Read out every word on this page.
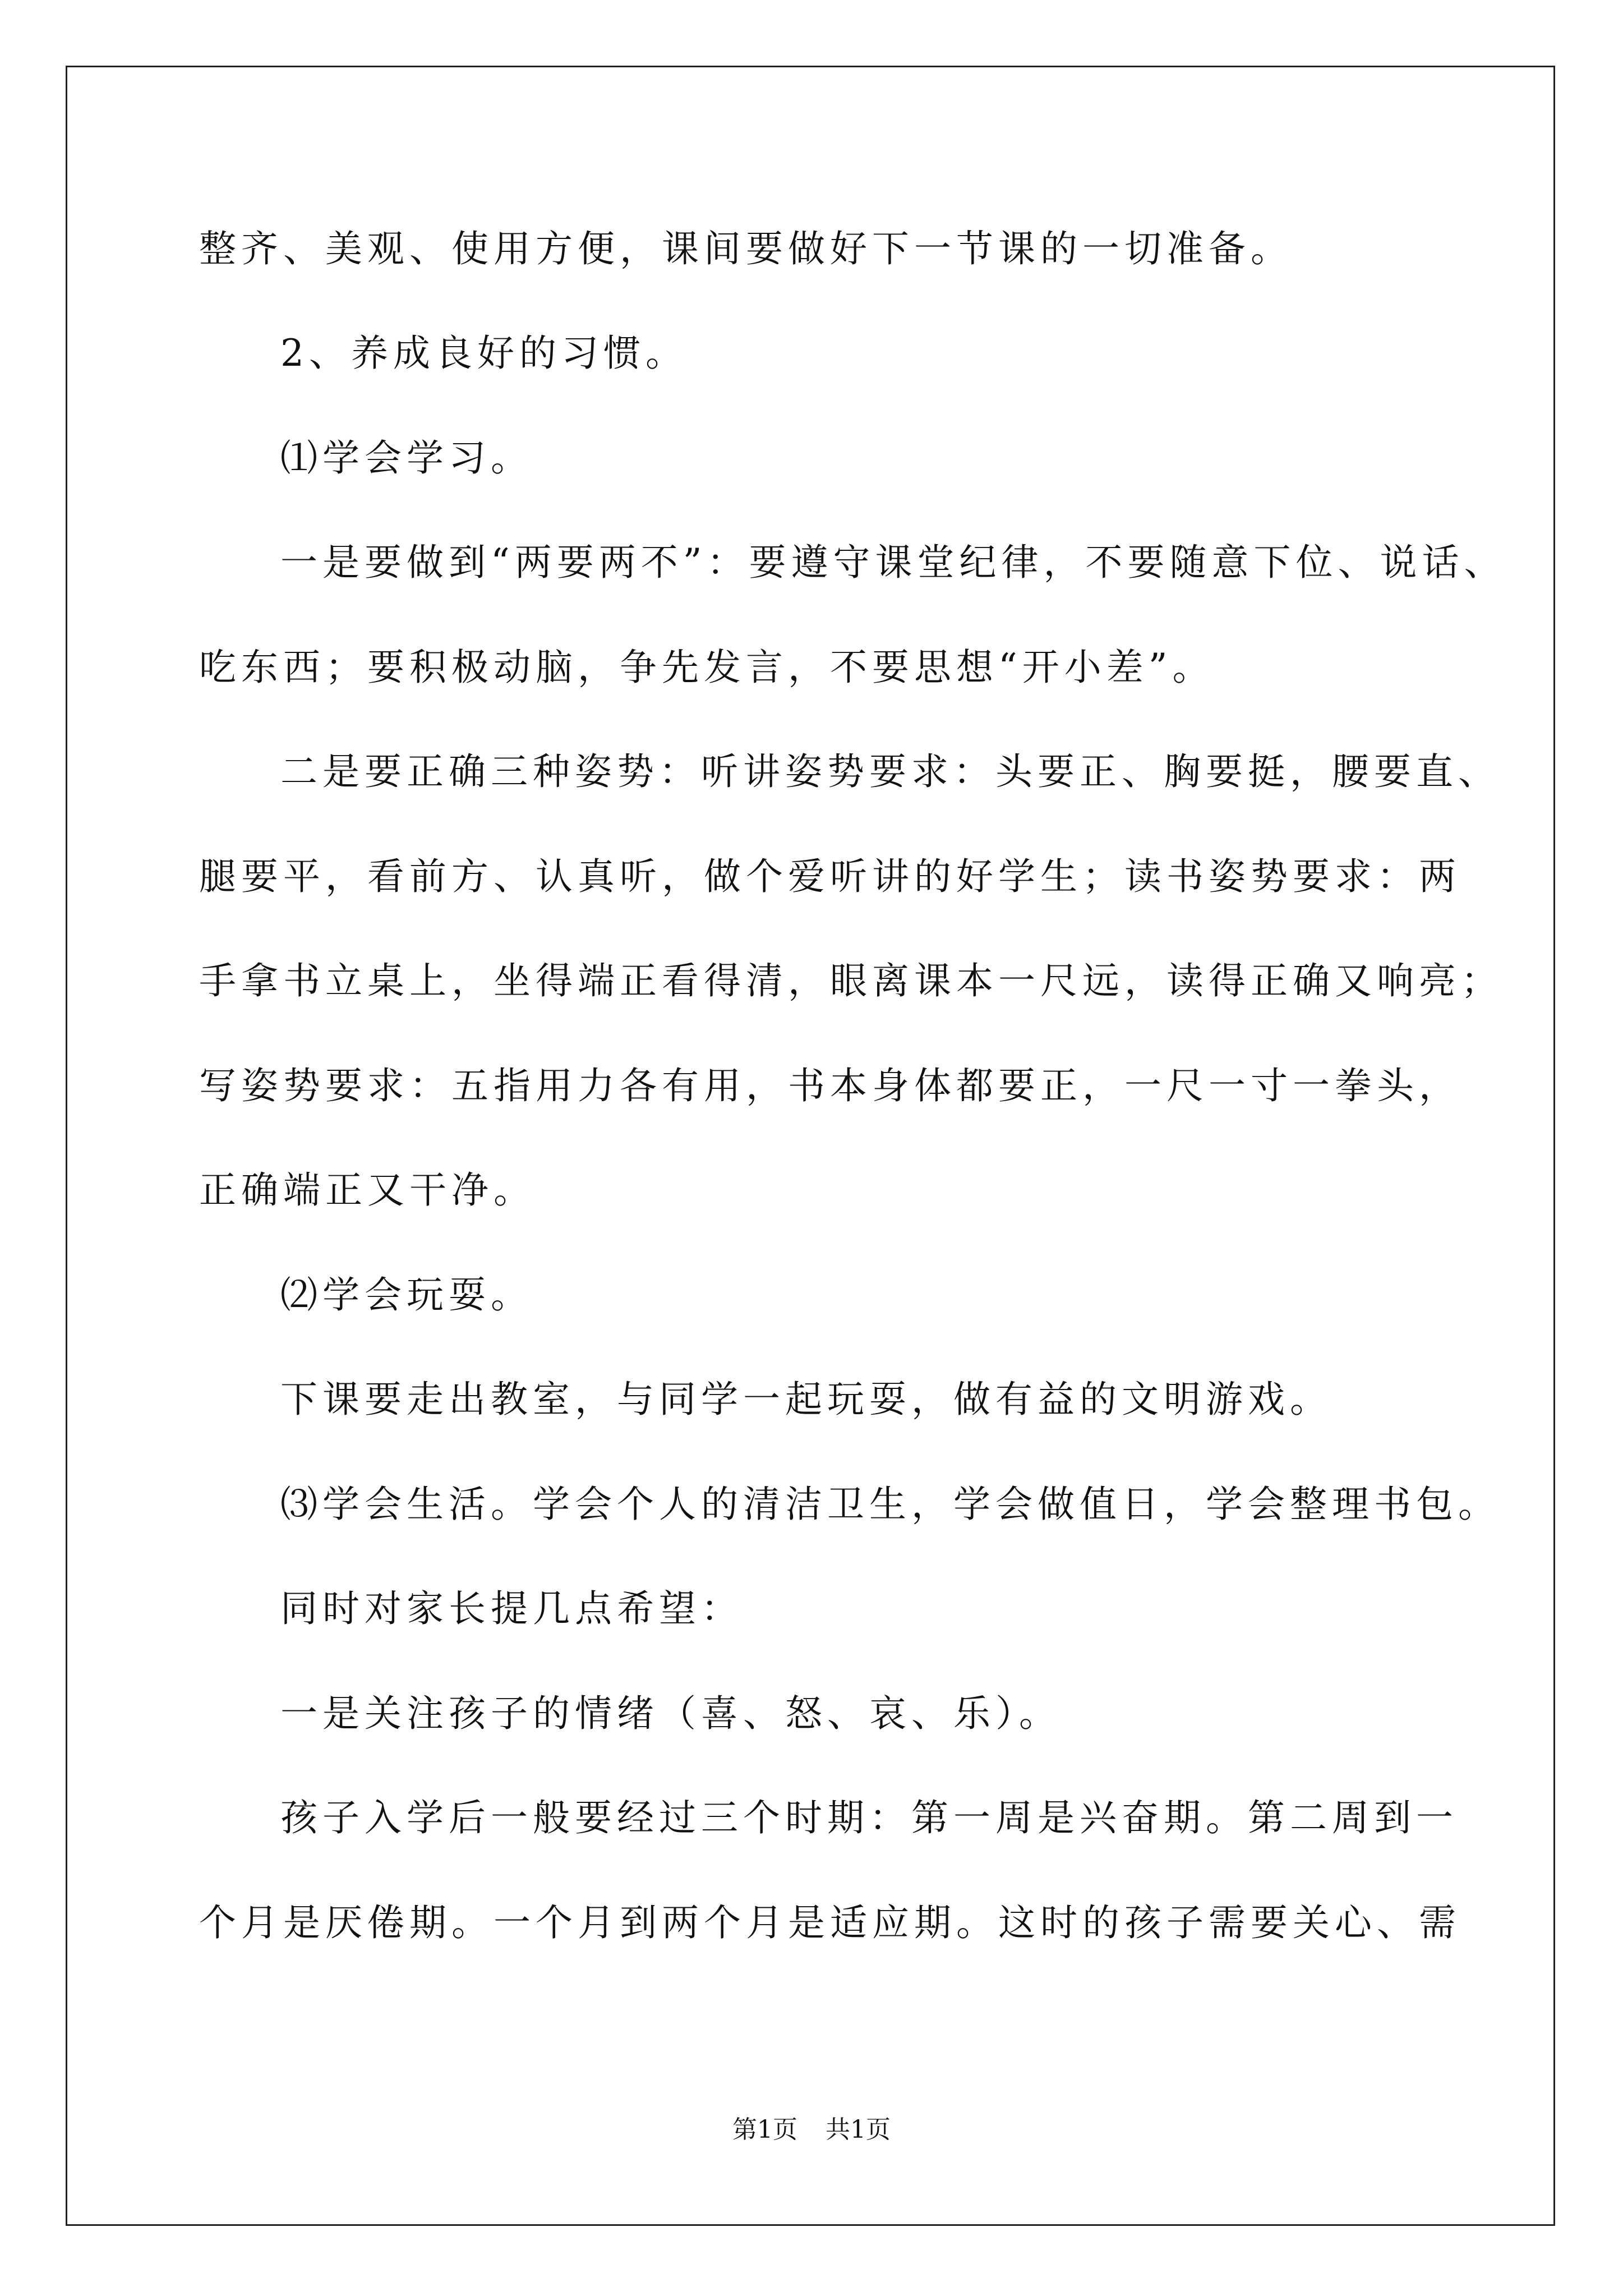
整齐、美观、使用方便，课间要做好下一节课的一切准备。
2、养成良好的习惯。
⑴学会学习。
一是要做到“两要两不”：要遵守课堂纪律，不要随意下位、说话、
吃东西；要积极动脑，争先发言，不要思想“开小差”。
二是要正确三种姿势：听讲姿势要求：头要正、胸要挺，腰要直、
腿要平，看前方、认真听，做个爱听讲的好学生；读书姿势要求：两
手拿书立桌上，坐得端正看得清，眼离课本一尺远，读得正确又响亮；
写姿势要求：五指用力各有用，书本身体都要正，一尺一寸一拳头，
正确端正又干净。
⑵学会玩耍。
下课要走出教室，与同学一起玩耍，做有益的文明游戏。
⑶学会生活。学会个人的清洁卫生，学会做值日，学会整理书包。
同时对家长提几点希望：
一是关注孩子的情绪（喜、怒、哀、乐）。
孩子入学后一般要经过三个时期：第一周是兴奋期。第二周到一
个月是厌倦期。一个月到两个月是适应期。这时的孩子需要关心、需
第1页 共1页
